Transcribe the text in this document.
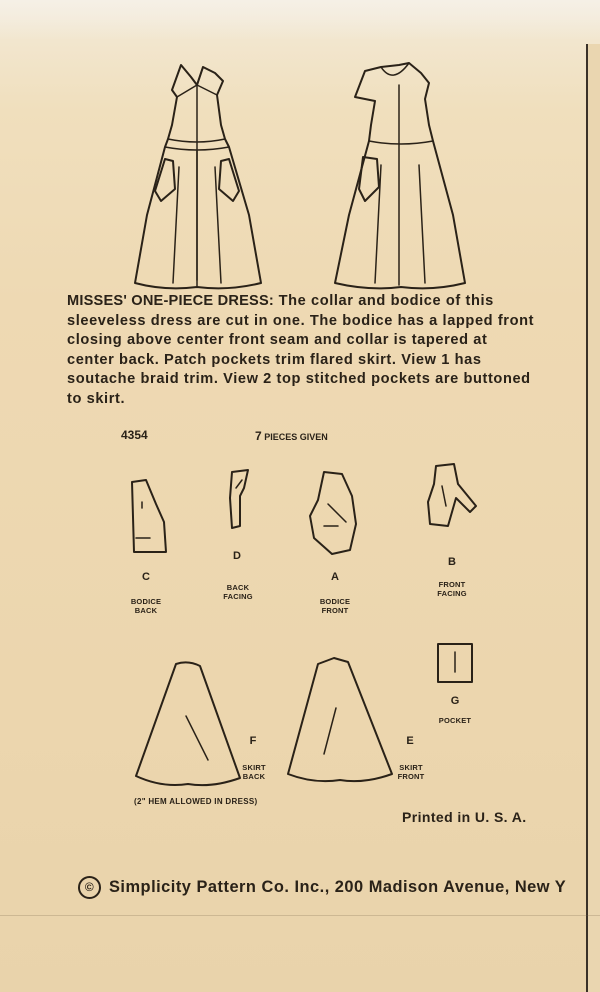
MISSES' ONE-PIECE DRESS: The collar and bodice of this sleeveless dress are cut in one. The bodice has a lapped front closing above center front seam and collar is tapered at center back. Patch pockets trim flared skirt. View 1 has soutache braid trim. View 2 top stitched pockets are buttoned to skirt.

4354	7 PIECES GIVEN

C

BODICE
BACK

D

BACK
FACING

A

BODICE
FRONT

B

FRONT
FACING

F

SKIRT
BACK

E

SKIRT
FRONT

G

POCKET

(2" HEM ALLOWED IN DRESS)

Printed in U. S. A.

© Simplicity Pattern Co. Inc., 200 Madison Avenue, New Y
